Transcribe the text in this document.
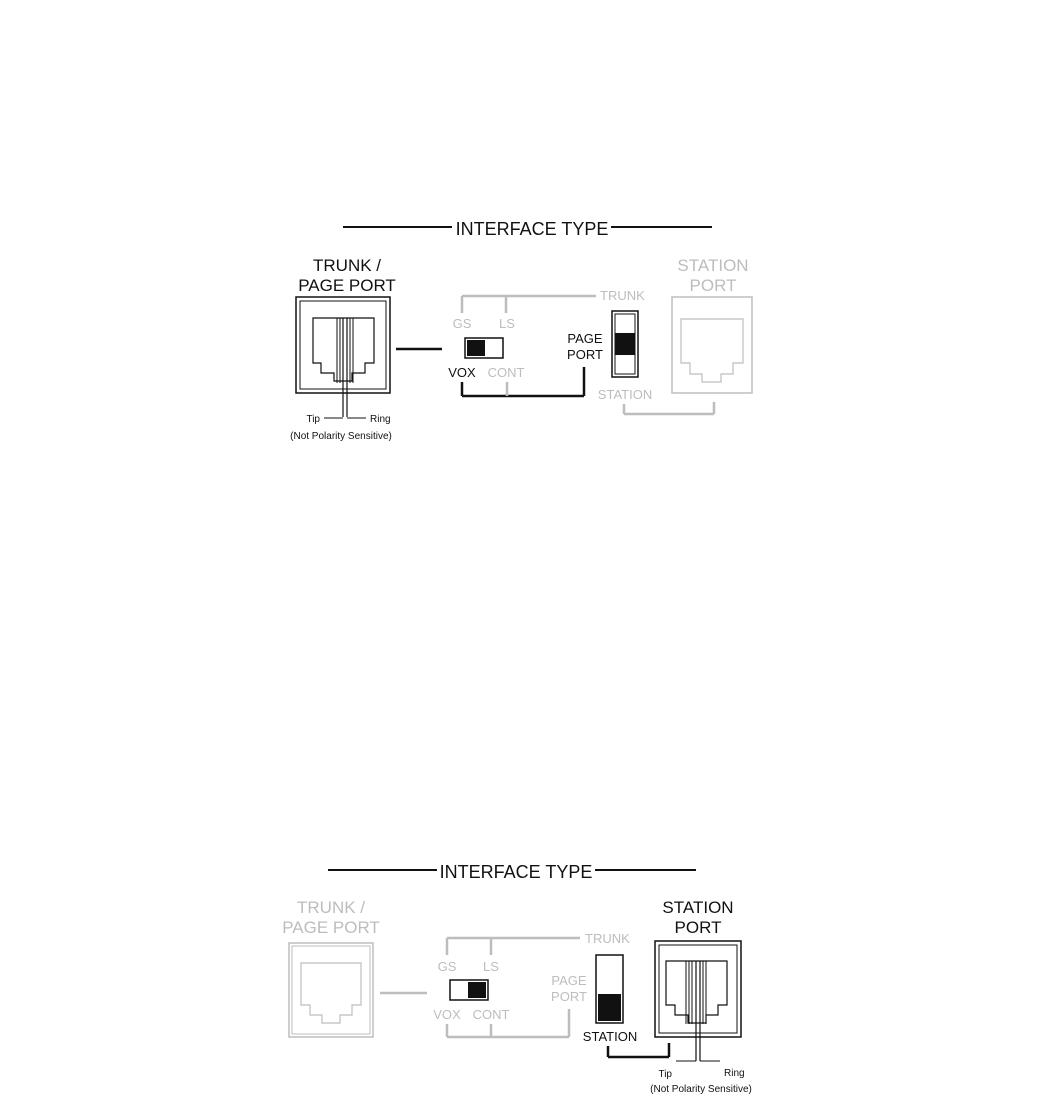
INTERFACE TYPE
TRUNK /
PAGE PORT
Tip	Ring
(Not Polarity Sensitive)
TRUNK
GS LS
VOX CONT
PAGE
PORT
STATION
STATION
PORT
INTERFACE TYPE
TRUNK /
PAGE PORT
TRUNK
GS LS
VOX CONT
PAGE
PORT
STATION
STATION
PORT
Tip	Ring
(Not Polarity Sensitive)
